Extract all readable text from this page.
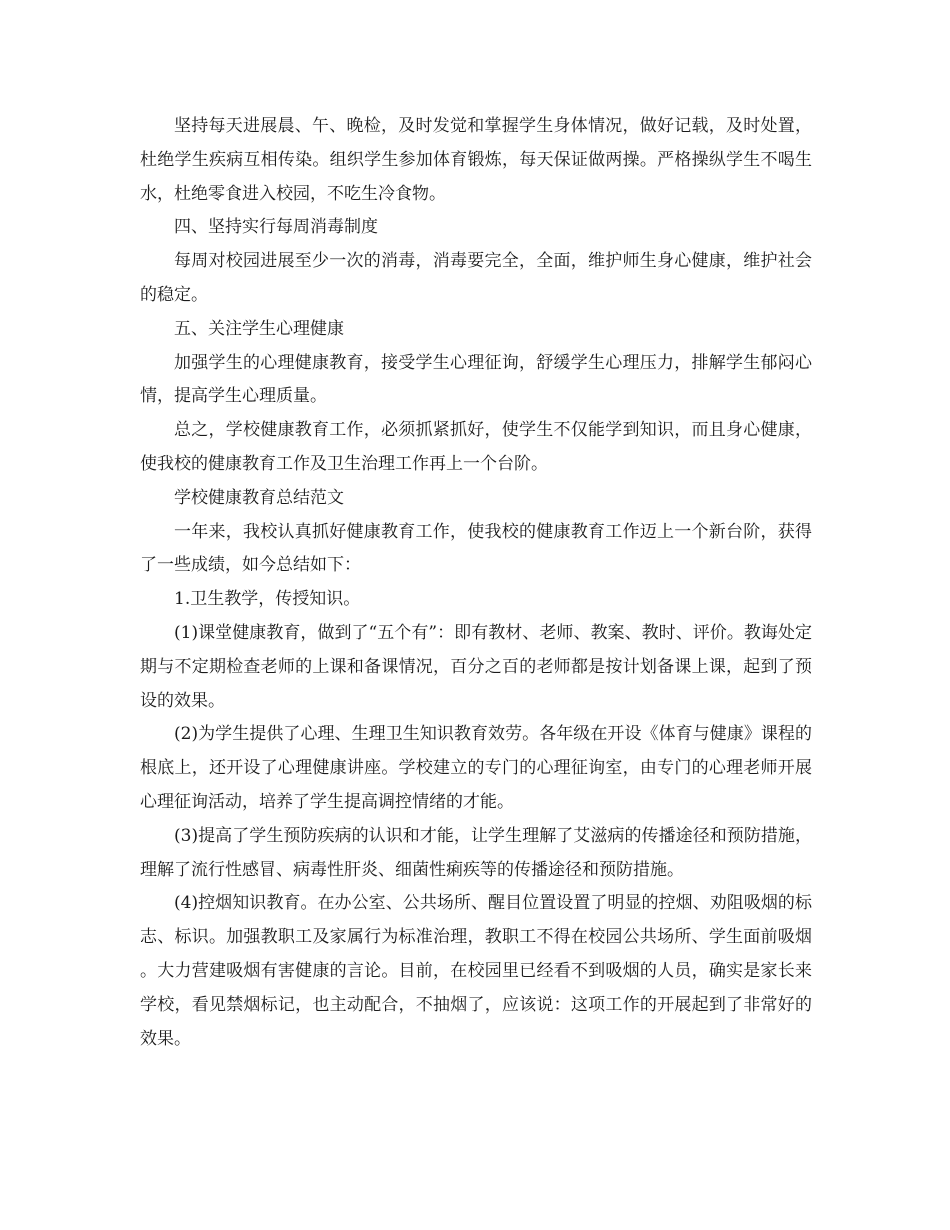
坚持每天进展晨、午、晚检，及时发觉和掌握学生身体情况，做好记载，及时处置，杜绝学生疾病互相传染。组织学生参加体育锻炼，每天保证做两操。严格操纵学生不喝生水，杜绝零食进入校园，不吃生冷食物。

四、坚持实行每周消毒制度

每周对校园进展至少一次的消毒，消毒要完全，全面，维护师生身心健康，维护社会的稳定。

五、关注学生心理健康

加强学生的心理健康教育，接受学生心理征询，舒缓学生心理压力，排解学生郁闷心情，提高学生心理质量。

总之，学校健康教育工作，必须抓紧抓好，使学生不仅能学到知识，而且身心健康，使我校的健康教育工作及卫生治理工作再上一个台阶。

学校健康教育总结范文

一年来，我校认真抓好健康教育工作，使我校的健康教育工作迈上一个新台阶，获得了一些成绩，如今总结如下：

1.卫生教学，传授知识。

(1)课堂健康教育，做到了“五个有”：即有教材、老师、教案、教时、评价。教诲处定期与不定期检查老师的上课和备课情况，百分之百的老师都是按计划备课上课，起到了预设的效果。

(2)为学生提供了心理、生理卫生知识教育效劳。各年级在开设《体育与健康》课程的根底上，还开设了心理健康讲座。学校建立的专门的心理征询室，由专门的心理老师开展心理征询活动，培养了学生提高调控情绪的才能。

(3)提高了学生预防疾病的认识和才能，让学生理解了艾滋病的传播途径和预防措施，理解了流行性感冒、病毒性肝炎、细菌性痢疾等的传播途径和预防措施。

(4)控烟知识教育。在办公室、公共场所、醒目位置设置了明显的控烟、劝阻吸烟的标志、标识。加强教职工及家属行为标准治理，教职工不得在校园公共场所、学生面前吸烟。大力营建吸烟有害健康的言论。目前，在校园里已经看不到吸烟的人员，确实是家长来学校，看见禁烟标记，也主动配合，不抽烟了，应该说：这项工作的开展起到了非常好的效果。
